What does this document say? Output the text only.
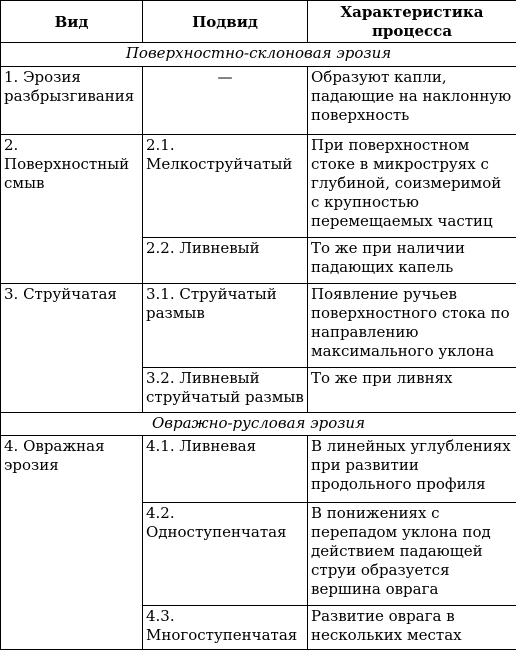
Вид	Подвид	Характеристика процесса
Поверхностно-склоновая эрозия		
1. Эрозия разбрызгивания	—	Образуют капли, падающие на наклонную поверхность
2. Поверхностный смыв	2.1. Мелкоструйчатый	При поверхностном стоке в микроструях с глубиной, соизмеримой с крупностью перемещаемых частиц
	2.2. Ливневый	То же при наличии падающих капель
3. Струйчатая	3.1. Струйчатый размыв	Появление ручьев поверхностного стока по направлению максимального уклона
	3.2. Ливневый струйчатый размыв	То же при ливнях
Овражно-русловая эрозия		
4. Овражная эрозия	4.1. Ливневая	В линейных углублениях при развитии продольного профиля
	4.2. Одноступенчатая	В понижениях с перепадом уклона под действием падающей струи образуется вершина оврага
	4.3. Многоступенчатая	Развитие оврага в нескольких местах
